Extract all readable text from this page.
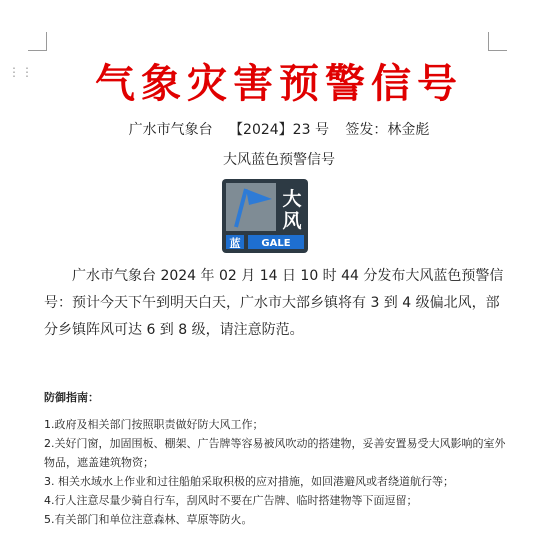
⋮⋮	气象灾害预警信号
广水市气象台 【2024】23 号 签发：林金彪
大风蓝色预警信号
大风
蓝 GALE
广水市气象台 2024 年 02 月 14 日 10 时 44 分发布大风蓝色预警信号：预计今天下午到明天白天，广水市大部乡镇将有 3 到 4 级偏北风，部分乡镇阵风可达 6 到 8 级，请注意防范。
防御指南：
1.政府及相关部门按照职责做好防大风工作；
2.关好门窗，加固围板、棚架、广告牌等容易被风吹动的搭建物，妥善安置易受大风影响的室外物品，遮盖建筑物资；
3. 相关水域水上作业和过往船舶采取积极的应对措施，如回港避风或者绕道航行等；
4.行人注意尽量少骑自行车，刮风时不要在广告牌、临时搭建物等下面逗留；
5.有关部门和单位注意森林、草原等防火。
